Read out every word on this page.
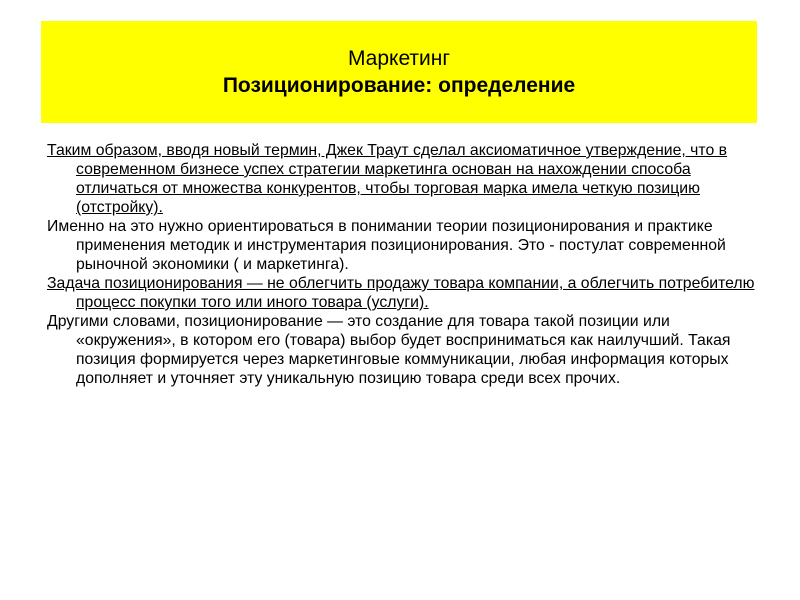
Маркетинг
Позиционирование: определение

Таким образом, вводя новый термин, Джек Траут сделал аксиоматичное утверждение, что в современном бизнесе успех стратегии маркетинга основан на нахождении способа отличаться от множества конкурентов, чтобы торговая марка имела четкую позицию (отстройку).

Именно на это нужно ориентироваться в понимании теории позиционирования и практике применения методик и инструментария позиционирования. Это - постулат современной рыночной экономики ( и маркетинга).

Задача позиционирования — не облегчить продажу товара компании, а облегчить потребителю процесс покупки того или иного товара (услуги).

Другими словами, позиционирование — это создание для товара такой позиции или «окружения», в котором его (товара) выбор будет восприниматься как наилучший. Такая позиция формируется через маркетинговые коммуникации, любая информация которых дополняет и уточняет эту уникальную позицию товара среди всех прочих.
